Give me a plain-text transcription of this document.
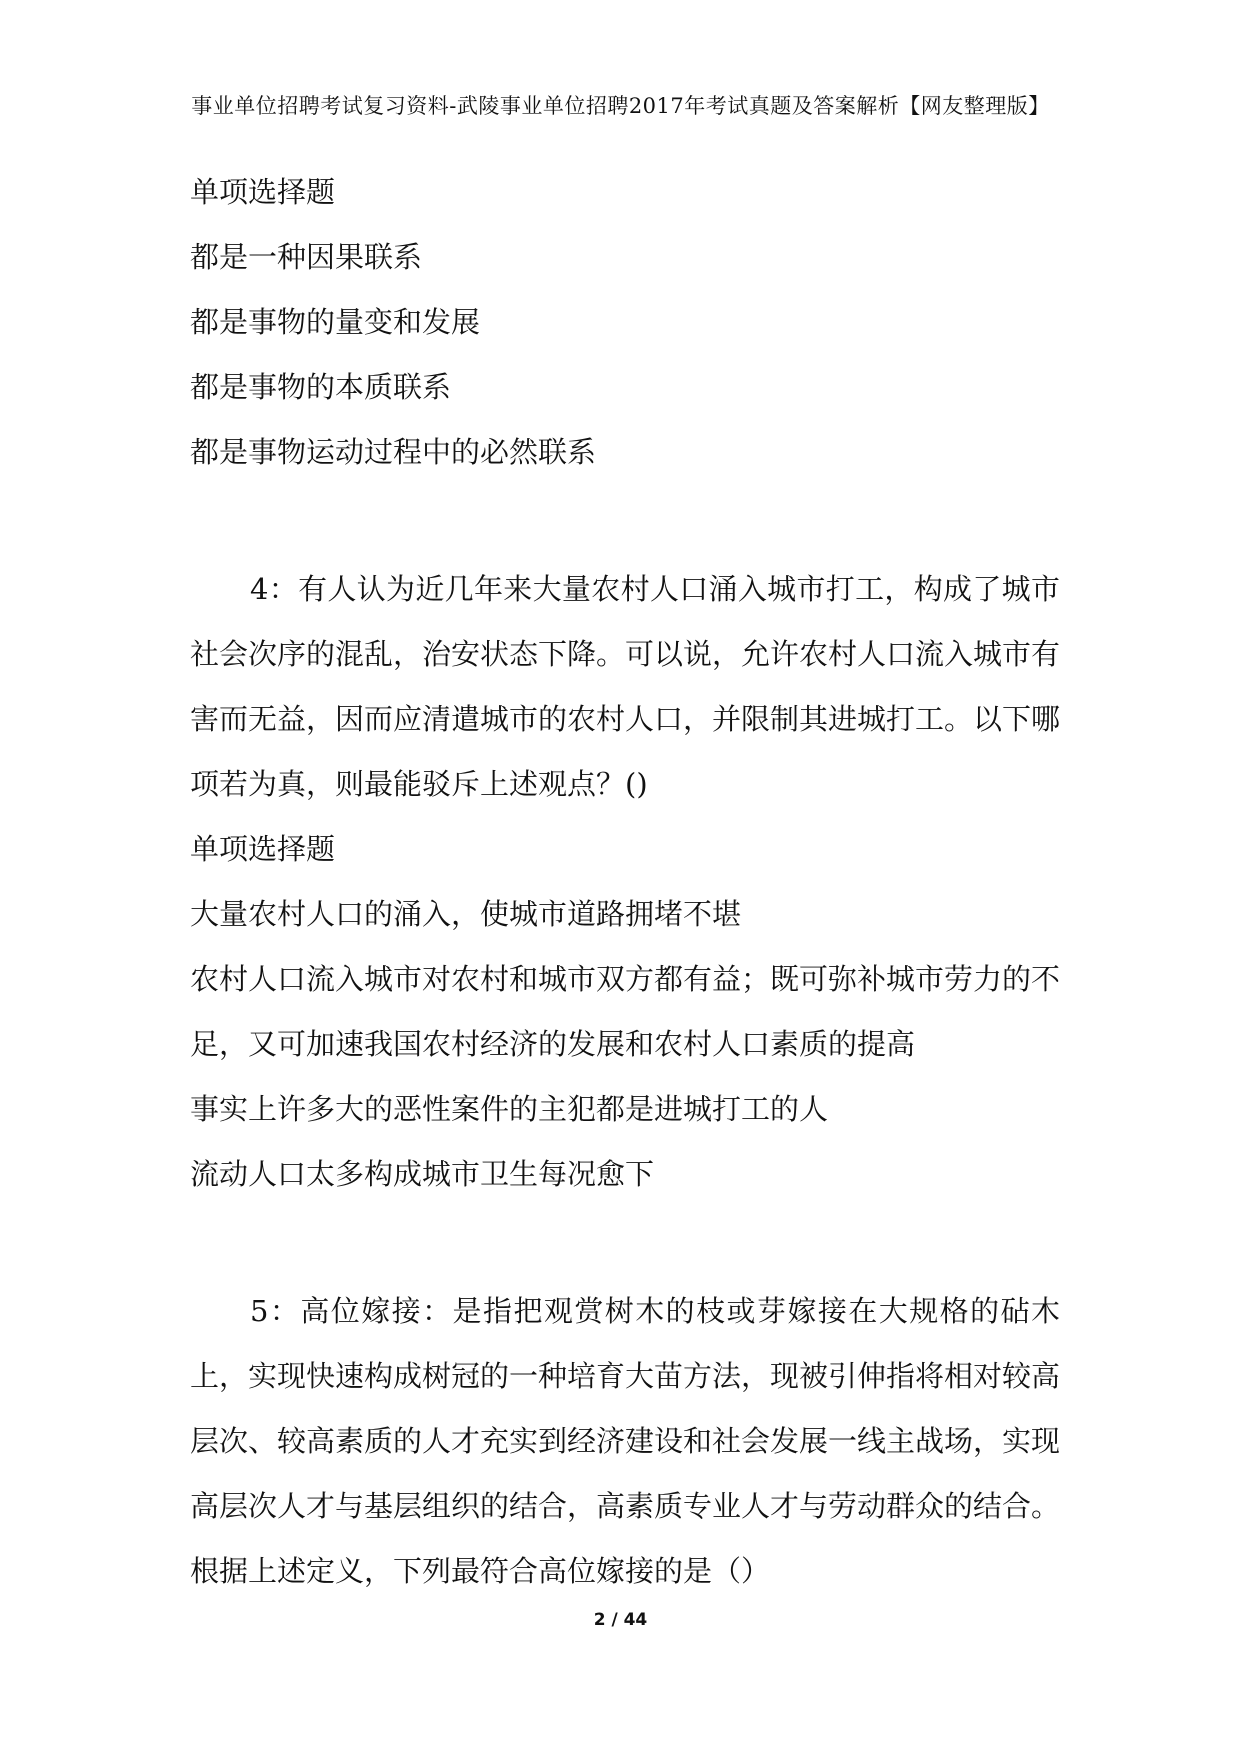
事业单位招聘考试复习资料-武陵事业单位招聘2017年考试真题及答案解析【网友整理版】
单项选择题
都是一种因果联系
都是事物的量变和发展
都是事物的本质联系
都是事物运动过程中的必然联系
4：有人认为近几年来大量农村人口涌入城市打工，构成了城市社会次序的混乱，治安状态下降。可以说，允许农村人口流入城市有害而无益，因而应清遣城市的农村人口，并限制其进城打工。以下哪项若为真，则最能驳斥上述观点？()
单项选择题
大量农村人口的涌入，使城市道路拥堵不堪
农村人口流入城市对农村和城市双方都有益；既可弥补城市劳力的不足，又可加速我国农村经济的发展和农村人口素质的提高
事实上许多大的恶性案件的主犯都是进城打工的人
流动人口太多构成城市卫生每况愈下
5：高位嫁接：是指把观赏树木的枝或芽嫁接在大规格的砧木上，实现快速构成树冠的一种培育大苗方法，现被引伸指将相对较高层次、较高素质的人才充实到经济建设和社会发展一线主战场，实现高层次人才与基层组织的结合，高素质专业人才与劳动群众的结合。根据上述定义，下列最符合高位嫁接的是（）
2 / 44
